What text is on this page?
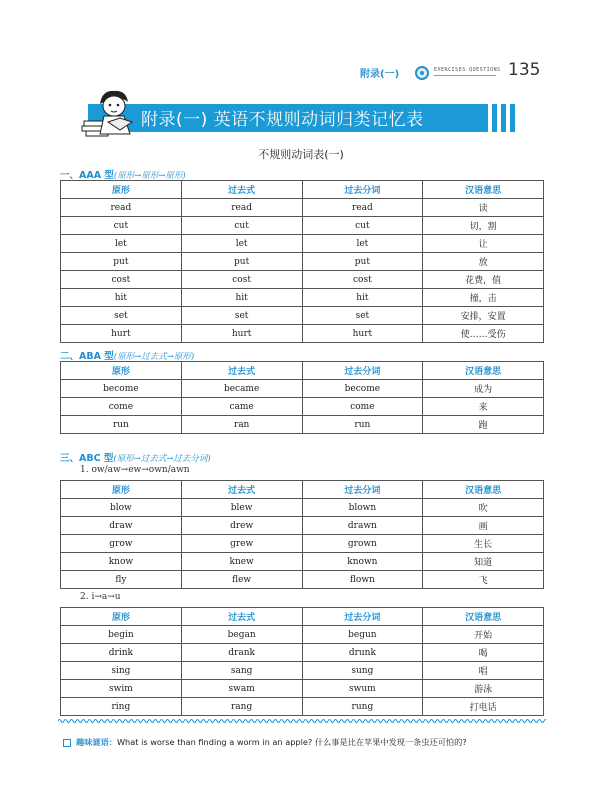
附录(一)	EXERCISES QUESTIONS 135
附录(一) 英语不规则动词归类记忆表
不规则动词表(一)
一、AAA 型(原形→原形→原形)
原形	过去式	过去分词	汉语意思
read	read	read	读
cut	cut	cut	切，割
let	let	let	让
put	put	put	放
cost	cost	cost	花费，值
hit	hit	hit	撞，击
set	set	set	安排，安置
hurt	hurt	hurt	使……受伤
二、ABA 型(原形→过去式→原形)
原形	过去式	过去分词	汉语意思
become	became	become	成为
come	came	come	来
run	ran	run	跑
三、ABC 型(原形→过去式→过去分词)
1. ow/aw→ew→own/awn
原形	过去式	过去分词	汉语意思
blow	blew	blown	吹
draw	drew	drawn	画
grow	grew	grown	生长
know	knew	known	知道
fly	flew	flown	飞
2. i→a→u
原形	过去式	过去分词	汉语意思
begin	began	begun	开始
drink	drank	drunk	喝
sing	sang	sung	唱
swim	swam	swum	游泳
ring	rang	rung	打电话
趣味谜语：What is worse than finding a worm in an apple? 什么事是比在苹果中发现一条虫还可怕的?
